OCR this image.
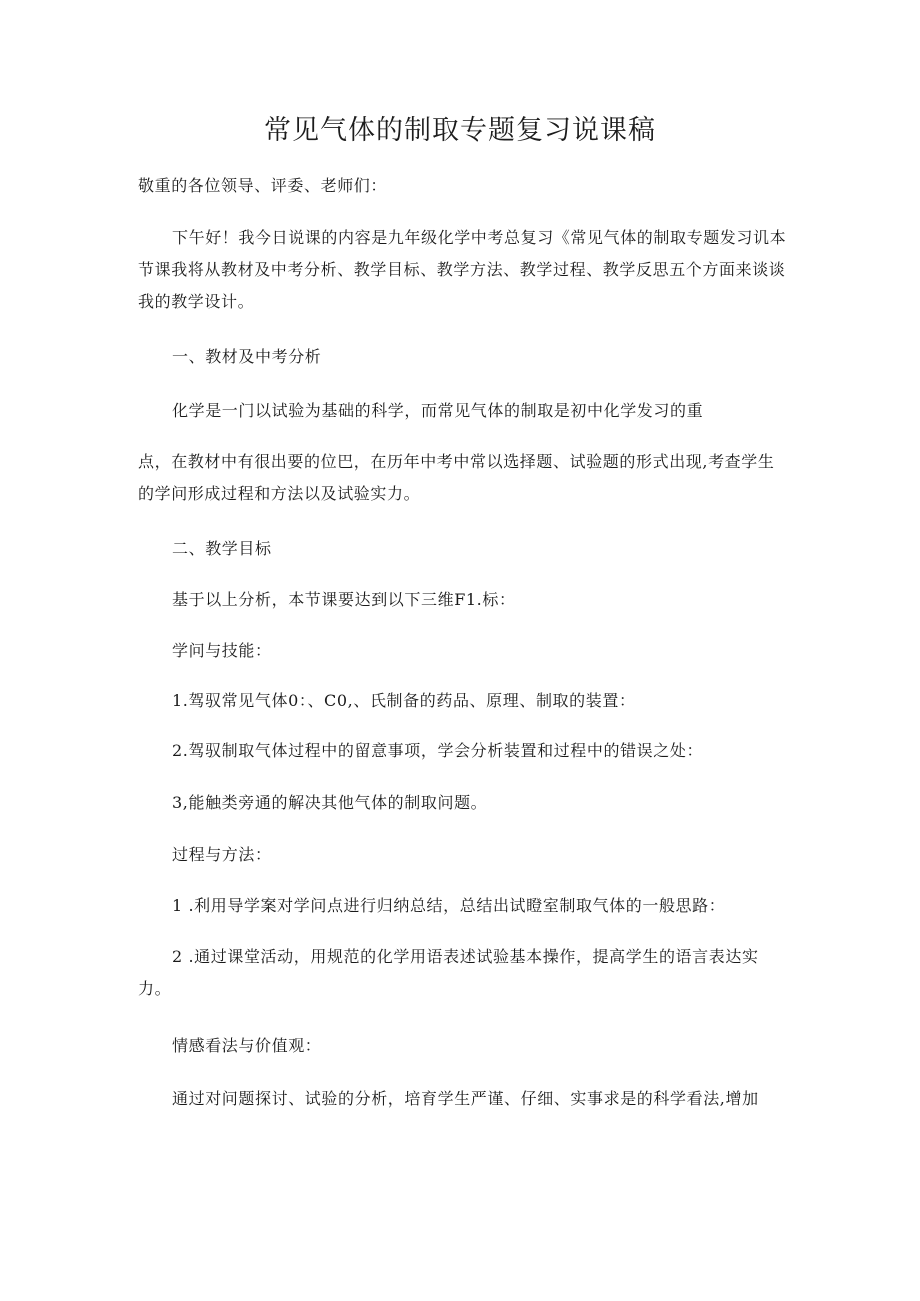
常见气体的制取专题复习说课稿
敬重的各位领导、评委、老师们：
下午好！我今日说课的内容是九年级化学中考总复习《常见气体的制取专题发习讥本节课我将从教材及中考分析、教学目标、教学方法、教学过程、教学反思五个方面来谈谈我的教学设计。
一、教材及中考分析
化学是一门以试验为基础的科学，而常见气体的制取是初中化学发习的重
点，在教材中有很出要的位巴，在历年中考中常以选择题、试验题的形式出现,考查学生的学问形成过程和方法以及试验实力。
二、教学目标
基于以上分析，本节课要达到以下三维F1.标：
学问与技能：
1.驾驭常见气体0：、C0,、氏制备的药品、原理、制取的装置：
2.驾驭制取气体过程中的留意事项，学会分析装置和过程中的错误之处：
3,能触类旁通的解决其他气体的制取问题。
过程与方法：
1 .利用导学案对学问点进行归纳总结，总结出试瞪室制取气体的一般思路：
2 .通过课堂活动，用规范的化学用语表述试验基本操作，提高学生的语言表达实力。
情感看法与价值观：
通过对问题探讨、试验的分析，培育学生严谨、仔细、实事求是的科学看法,增加
